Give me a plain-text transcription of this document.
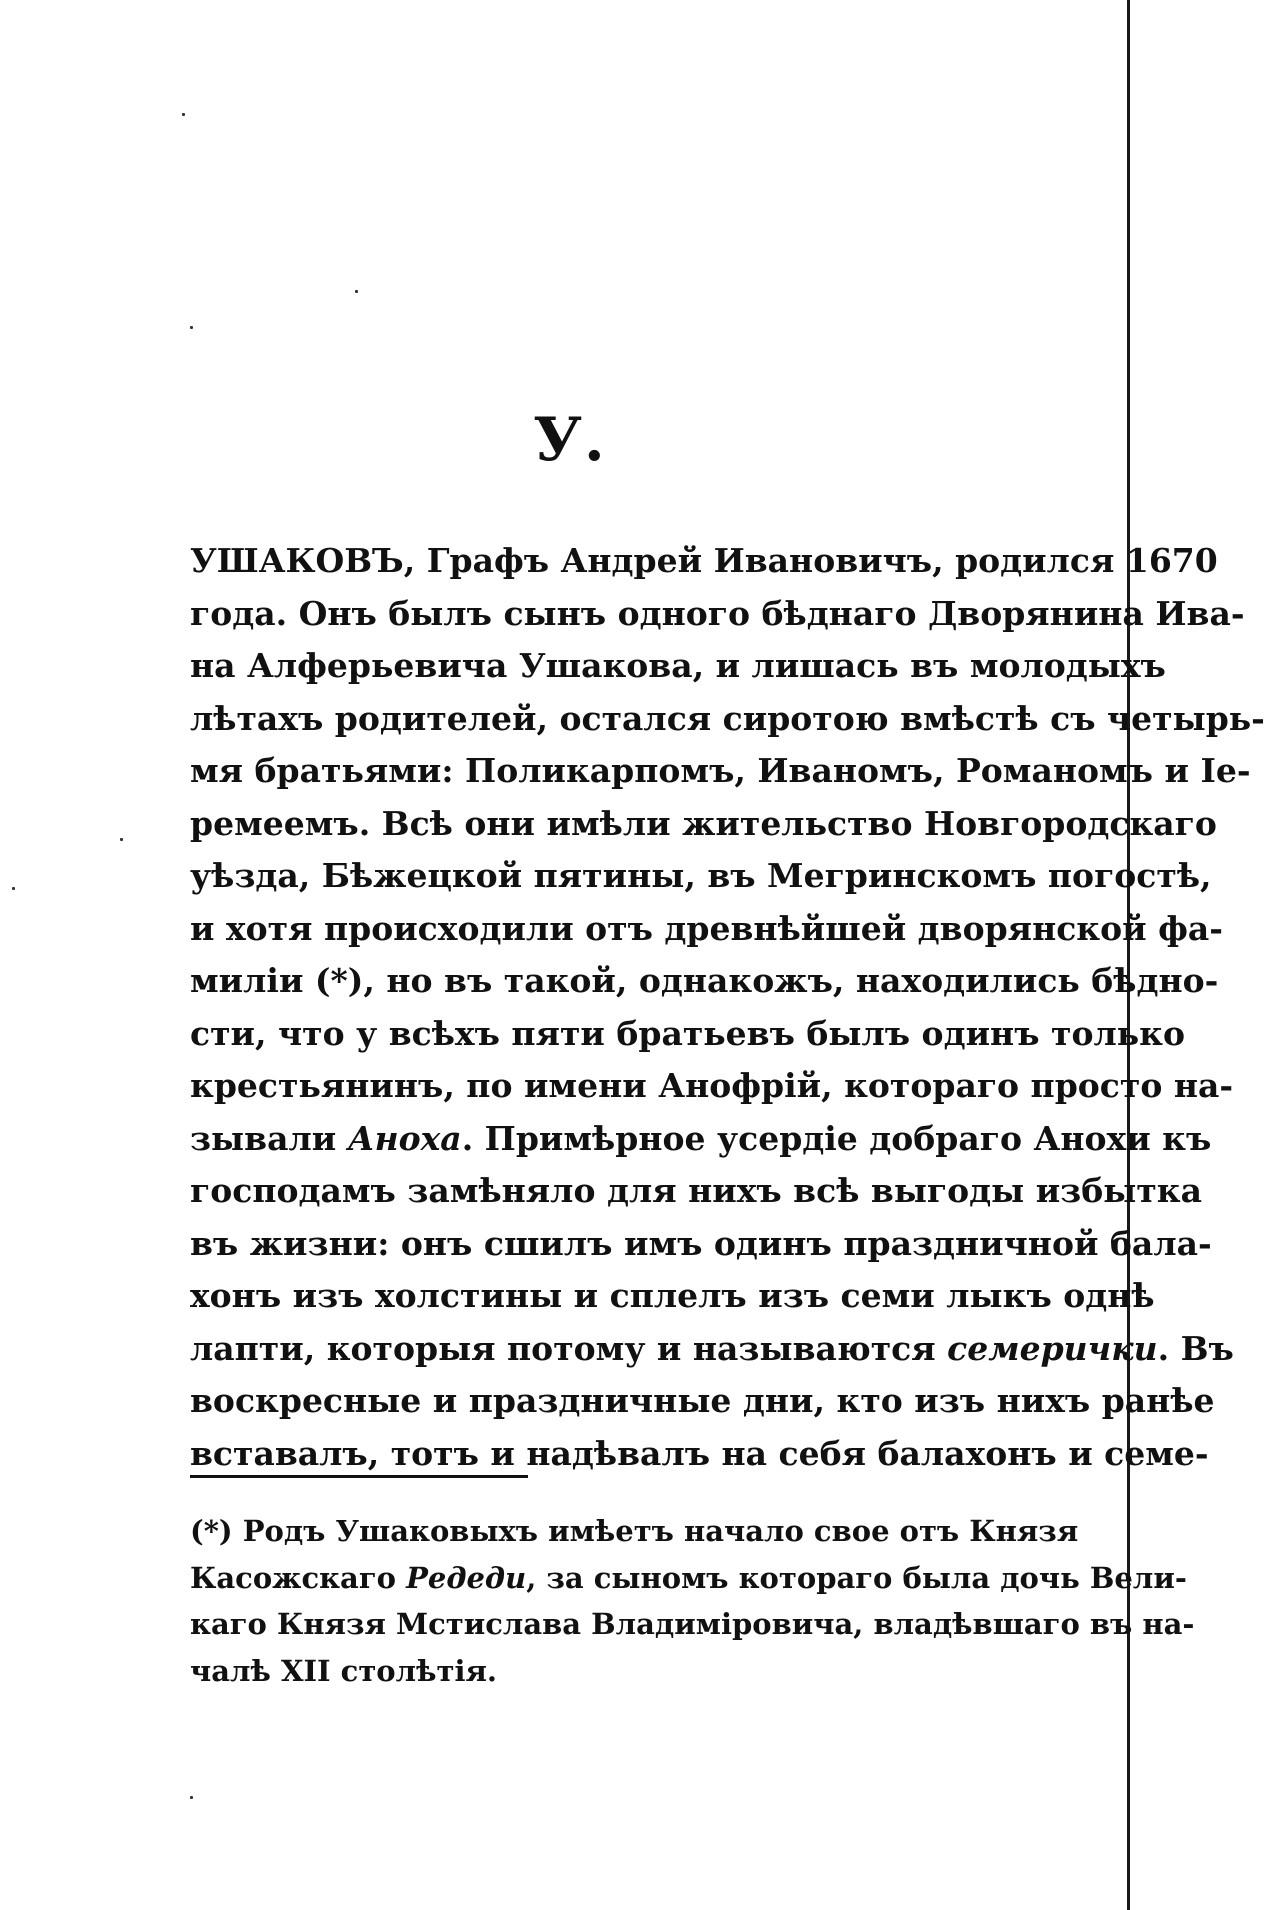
У.
УШАКОВЪ, Графъ Андрей Ивановичъ, родился 1670
года. Онъ былъ сынъ одного бѣднаго Дворянина Ива-
на Алферьевича Ушакова, и лишась въ молодыхъ
лѣтахъ родителей, остался сиротою вмѣстѣ съ четырь-
мя братьями: Поликарпомъ, Иваномъ, Романомъ и Іе-
ремеемъ. Всѣ они имѣли жительство Новгородскаго
уѣзда, Бѣжецкой пятины, въ Мегринскомъ погостѣ,
и хотя происходили отъ древнѣйшей дворянской фа-
миліи (*), но въ такой, однакожъ, находились бѣдно-
сти, что у всѣхъ пяти братьевъ былъ одинъ только
крестьянинъ, по имени Анофрій, котораго просто на-
зывали Аноха. Примѣрное усердіе добраго Анохи къ
господамъ замѣняло для нихъ всѣ выгоды избытка
въ жизни: онъ сшилъ имъ одинъ праздничной бала-
хонъ изъ холстины и сплелъ изъ семи лыкъ однѣ
лапти, которыя потому и называются семерички. Въ
воскресные и праздничные дни, кто изъ нихъ ранѣе
вставалъ, тотъ и надѣвалъ на себя балахонъ и семе-
(*) Родъ Ушаковыхъ имѣетъ начало свое отъ Князя
Касожскаго Редеди, за сыномъ котораго была дочь Вели-
каго Князя Мстислава Владиміровича, владѣвшаго въ на-
чалѣ XII столѣтія.
